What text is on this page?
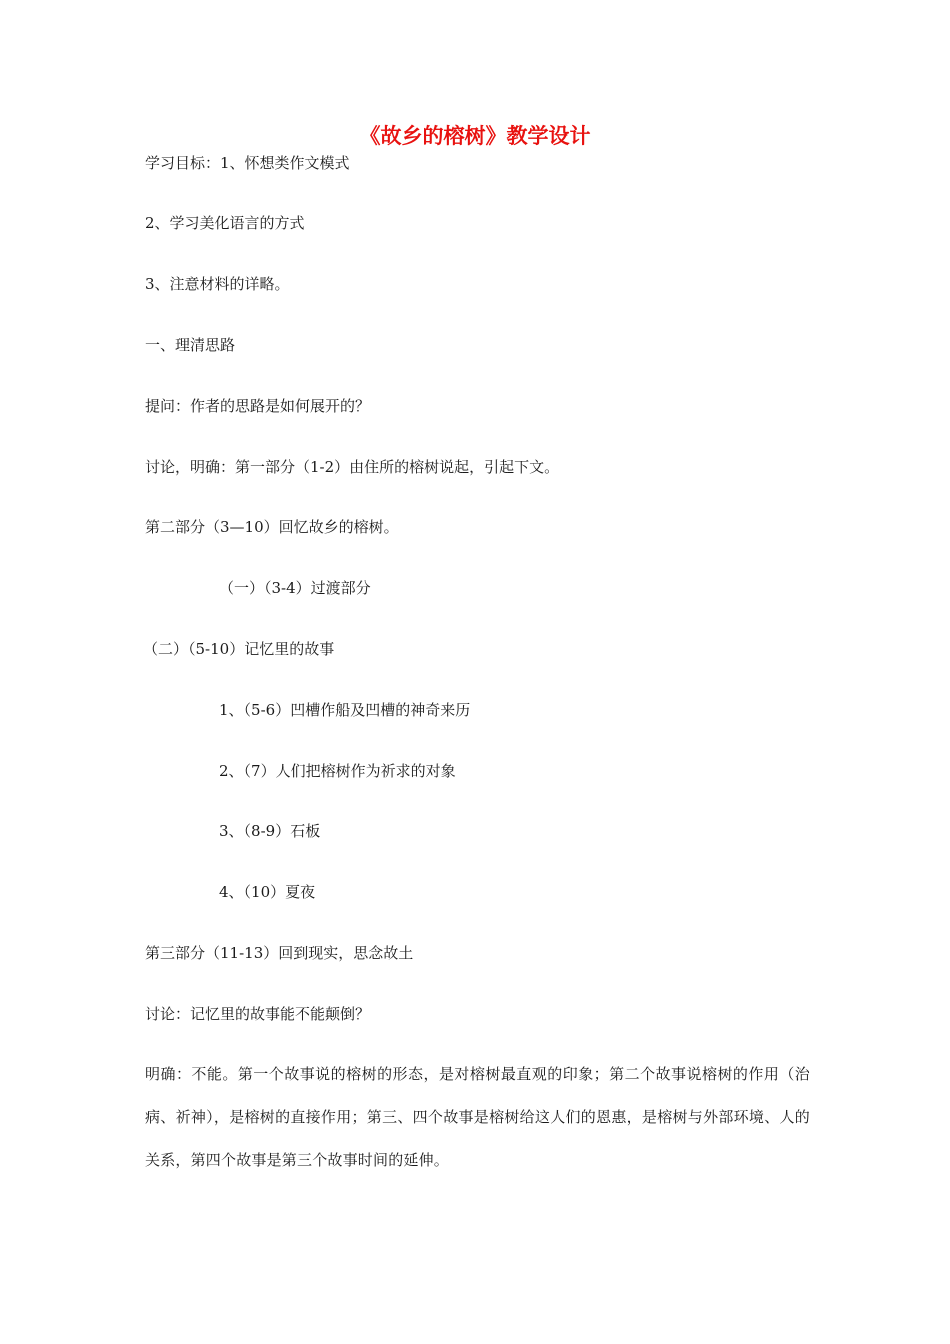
《故乡的榕树》教学设计
学习目标：1、怀想类作文模式
2、学习美化语言的方式
3、注意材料的详略。
一、理清思路
提问：作者的思路是如何展开的？
讨论，明确：第一部分（1-2）由住所的榕树说起，引起下文。
第二部分（3—10）回忆故乡的榕树。
（一）（3-4）过渡部分
（二）（5-10）记忆里的故事
1、（5-6）凹槽作船及凹槽的神奇来历
2、（7）人们把榕树作为祈求的对象
3、（8-9）石板
4、（10）夏夜
第三部分（11-13）回到现实，思念故土
讨论：记忆里的故事能不能颠倒？
明确：不能。第一个故事说的榕树的形态，是对榕树最直观的印象；第二个故事说榕树的作用（治病、祈神），是榕树的直接作用；第三、四个故事是榕树给这人们的恩惠，是榕树与外部环境、人的关系，第四个故事是第三个故事时间的延伸。
